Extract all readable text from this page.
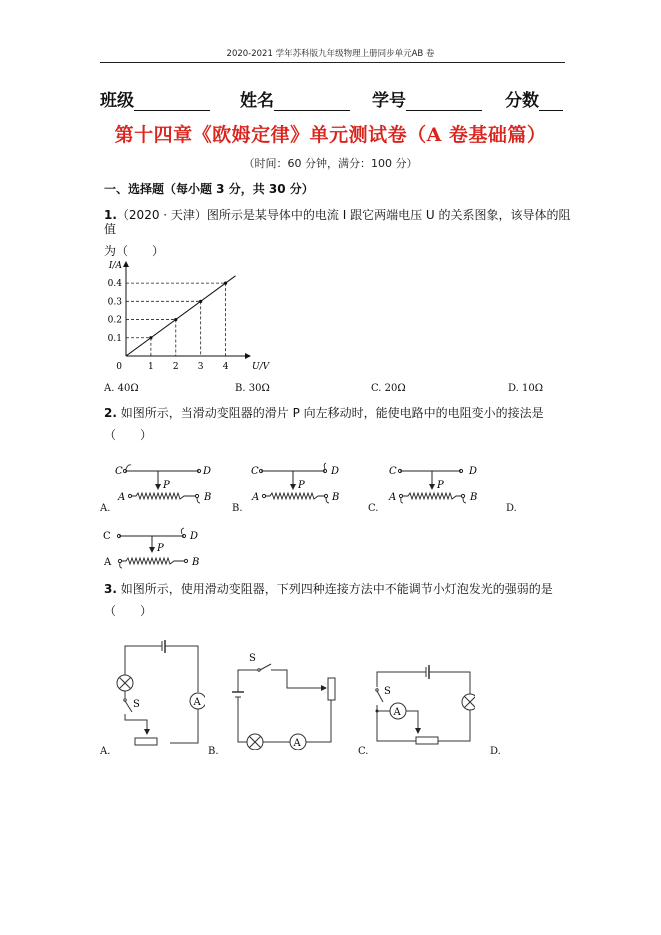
2020-2021 学年苏科版九年级物理上册同步单元AB 卷
班级	姓名	学号	分数
第十四章《欧姆定律》单元测试卷（A 卷基础篇）
（时间：60 分钟，满分：100 分）
一、选择题（每小题 3 分，共 30 分）
1.（2020 · 天津）图所示是某导体中的电流 I 跟它两端电压 U 的关系图象，该导体的阻值
为（　　）
1 2 3 4
0.1
0.2
0.3
0.4
I/A
U/V
0
A. 40Ω	B. 30Ω	C. 20Ω	D. 10Ω
2. 如图所示，当滑动变阻器的滑片 P 向左移动时，能使电路中的电阻变小的接法是
（　　）
A.
C	D
P
A	B
B.
C	D
P
A	B
C.
C	D
P
A	B
D.
C	D
P
A	B
3. 如图所示，使用滑动变阻器，下列四种连接方法中不能调节小灯泡发光的强弱的是
（　　）
A.
A
S
B.
S
A
C.
S
A
D.
